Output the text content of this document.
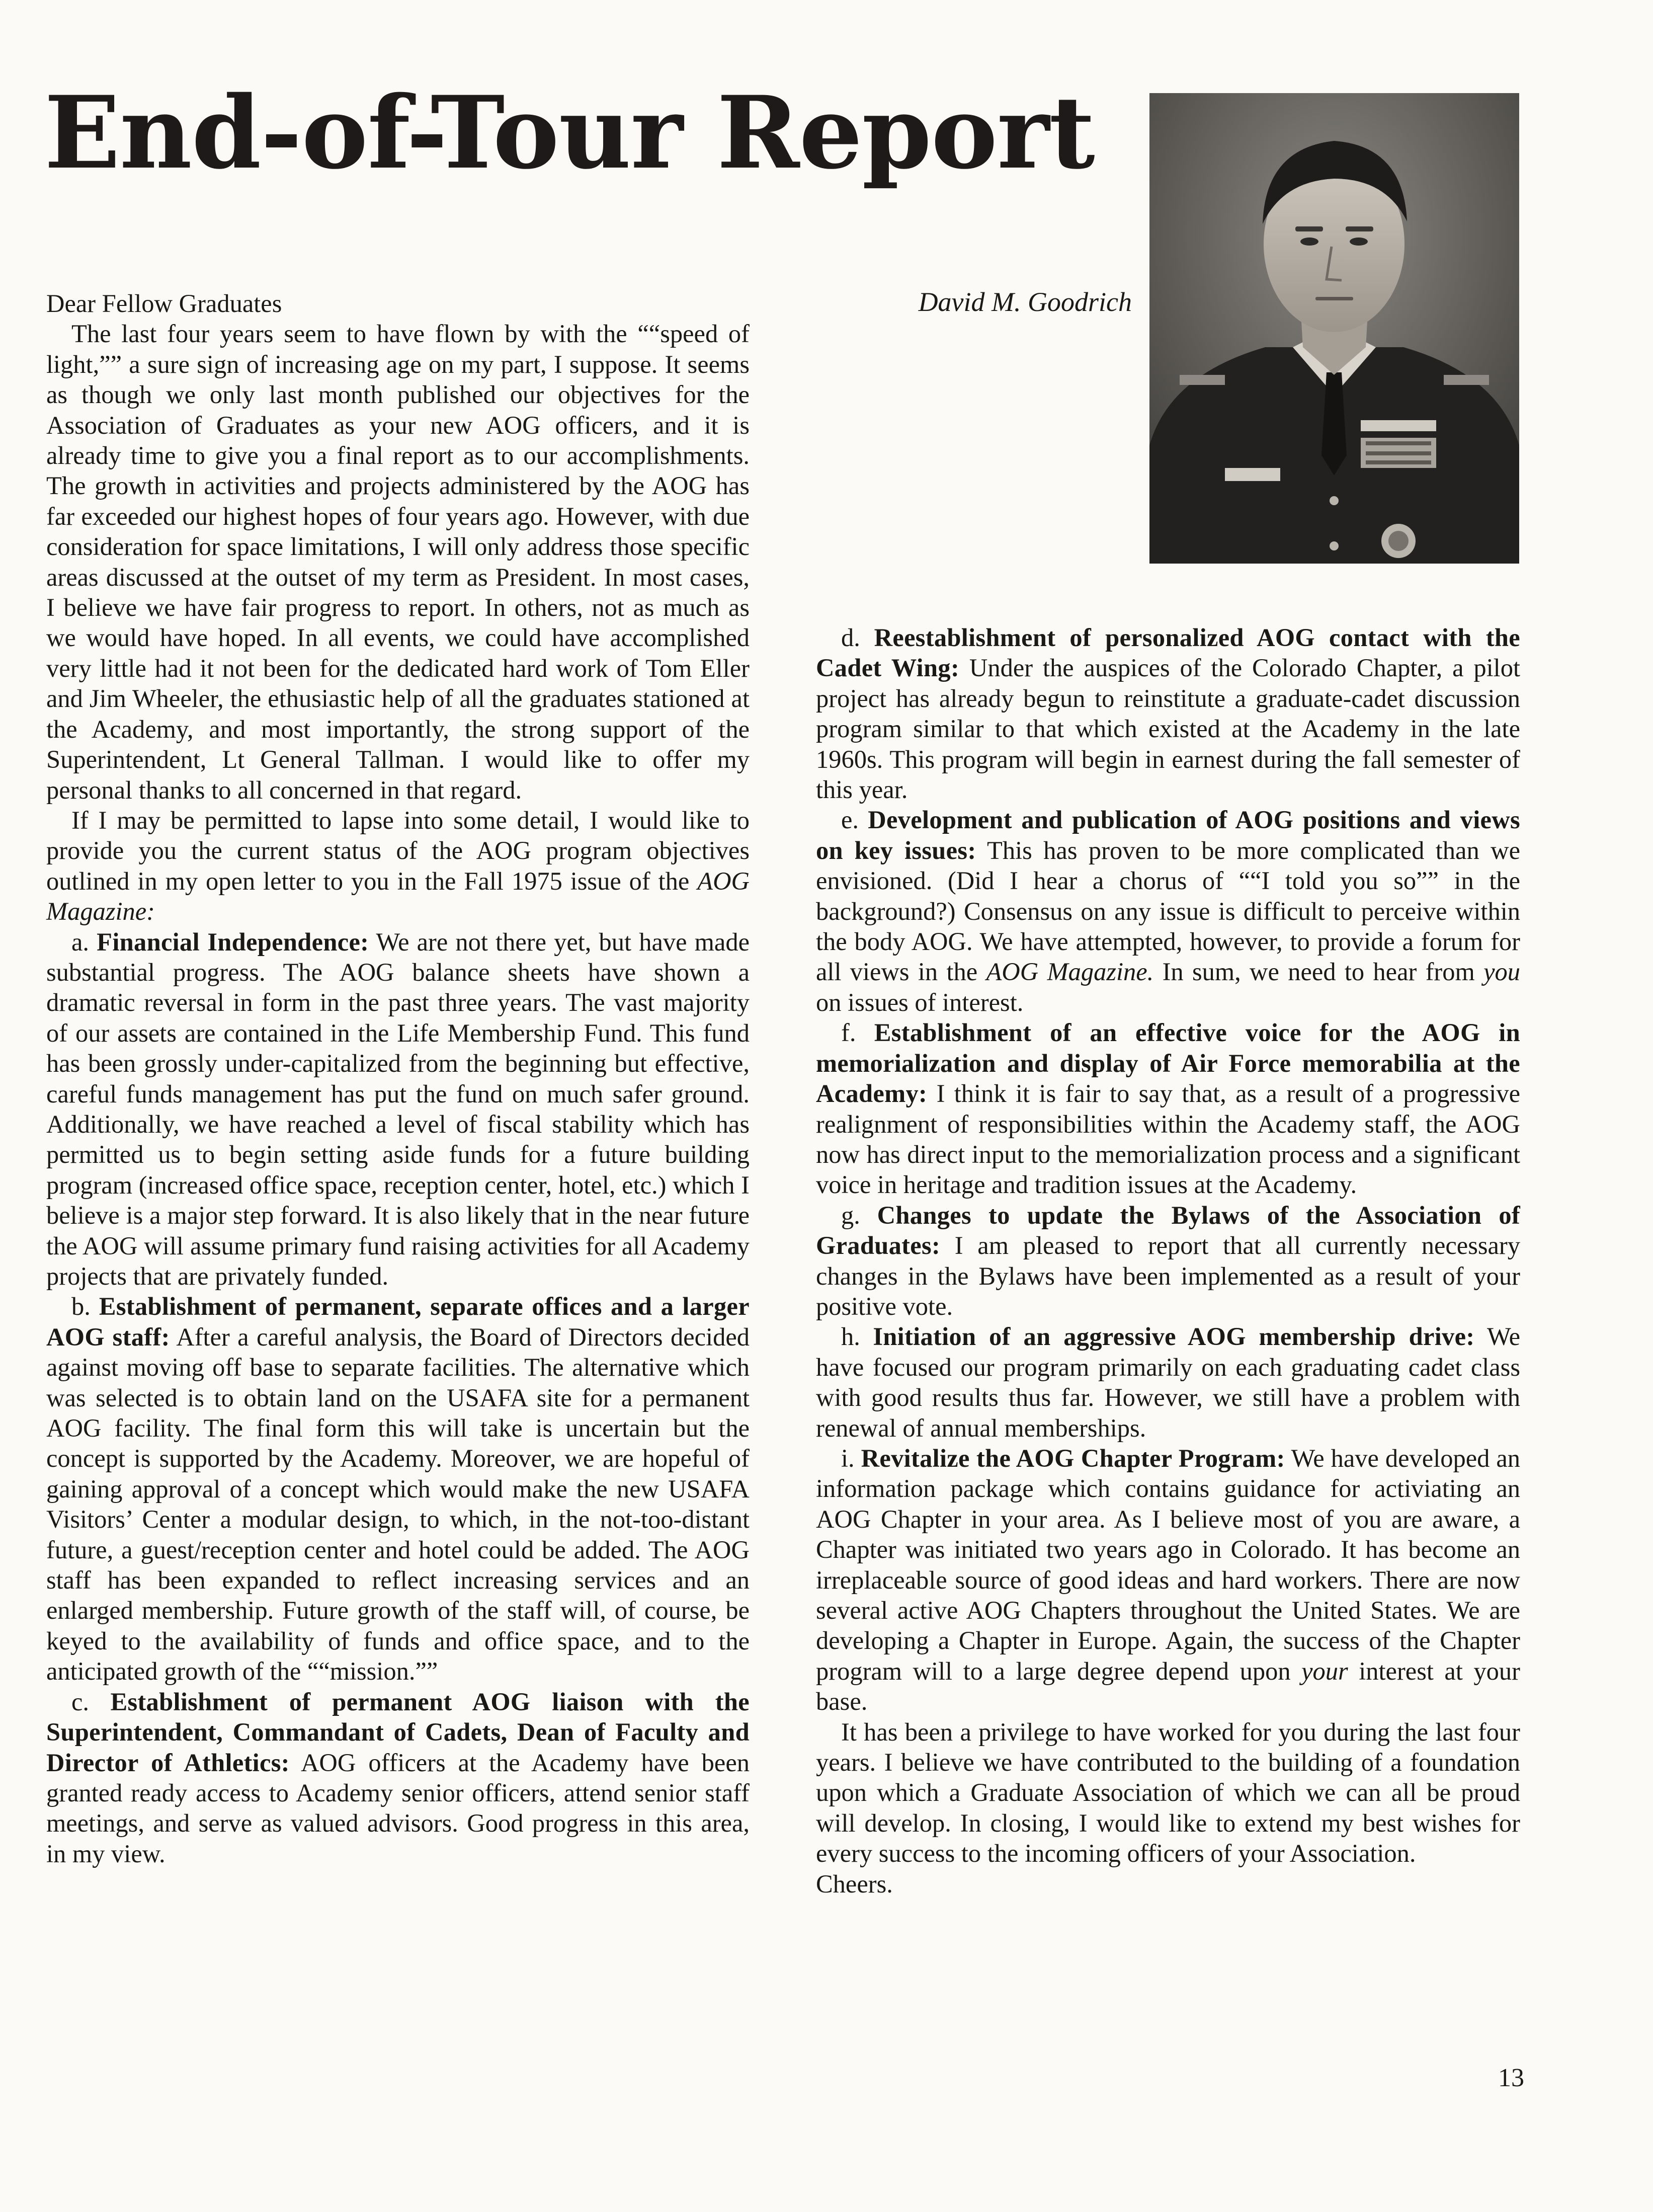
End-of-Tour Report

David M. Goodrich

Dear Fellow Graduates

The last four years seem to have flown by with the ““speed of light,”” a sure sign of increasing age on my part, I suppose. It seems as though we only last month published our objectives for the Association of Graduates as your new AOG officers, and it is already time to give you a final report as to our accomplishments. The growth in activities and projects administered by the AOG has far exceeded our highest hopes of four years ago. However, with due consideration for space limitations, I will only address those specific areas discussed at the outset of my term as President. In most cases, I believe we have fair progress to report. In others, not as much as we would have hoped. In all events, we could have accomplished very little had it not been for the dedicated hard work of Tom Eller and Jim Wheeler, the ethusiastic help of all the graduates stationed at the Academy, and most importantly, the strong support of the Superintendent, Lt General Tallman. I would like to offer my personal thanks to all concerned in that regard.

If I may be permitted to lapse into some detail, I would like to provide you the current status of the AOG program objectives outlined in my open letter to you in the Fall 1975 issue of the AOG Magazine:

a. Financial Independence: We are not there yet, but have made substantial progress. The AOG balance sheets have shown a dramatic reversal in form in the past three years. The vast majority of our assets are contained in the Life Membership Fund. This fund has been grossly under-capitalized from the beginning but effective, careful funds management has put the fund on much safer ground. Additionally, we have reached a level of fiscal stability which has permitted us to begin setting aside funds for a future building program (increased office space, reception center, hotel, etc.) which I believe is a major step forward. It is also likely that in the near future the AOG will assume primary fund raising activities for all Academy projects that are privately funded.

b. Establishment of permanent, separate offices and a larger AOG staff: After a careful analysis, the Board of Directors decided against moving off base to separate facilities. The alternative which was selected is to obtain land on the USAFA site for a permanent AOG facility. The final form this will take is uncertain but the concept is supported by the Academy. Moreover, we are hopeful of gaining approval of a concept which would make the new USAFA Visitors’ Center a modular design, to which, in the not-too-distant future, a guest/reception center and hotel could be added. The AOG staff has been expanded to reflect increasing services and an enlarged membership. Future growth of the staff will, of course, be keyed to the availability of funds and office space, and to the anticipated growth of the ““mission.””

c. Establishment of permanent AOG liaison with the Superintendent, Commandant of Cadets, Dean of Faculty and Director of Athletics: AOG officers at the Academy have been granted ready access to Academy senior officers, attend senior staff meetings, and serve as valued advisors. Good progress in this area, in my view.

d. Reestablishment of personalized AOG contact with the Cadet Wing: Under the auspices of the Colorado Chapter, a pilot project has already begun to reinstitute a graduate-cadet discussion program similar to that which existed at the Academy in the late 1960s. This program will begin in earnest during the fall semester of this year.

e. Development and publication of AOG positions and views on key issues: This has proven to be more complicated than we envisioned. (Did I hear a chorus of ““I told you so”” in the background?) Consensus on any issue is difficult to perceive within the body AOG. We have attempted, however, to provide a forum for all views in the AOG Magazine. In sum, we need to hear from you on issues of interest.

f. Establishment of an effective voice for the AOG in memorialization and display of Air Force memorabilia at the Academy: I think it is fair to say that, as a result of a progressive realignment of responsibilities within the Academy staff, the AOG now has direct input to the memorialization process and a significant voice in heritage and tradition issues at the Academy.

g. Changes to update the Bylaws of the Association of Graduates: I am pleased to report that all currently necessary changes in the Bylaws have been implemented as a result of your positive vote.

h. Initiation of an aggressive AOG membership drive: We have focused our program primarily on each graduating cadet class with good results thus far. However, we still have a problem with renewal of annual memberships.

i. Revitalize the AOG Chapter Program: We have developed an information package which contains guidance for activiating an AOG Chapter in your area. As I believe most of you are aware, a Chapter was initiated two years ago in Colorado. It has become an irreplaceable source of good ideas and hard workers. There are now several active AOG Chapters throughout the United States. We are developing a Chapter in Europe. Again, the success of the Chapter program will to a large degree depend upon your interest at your base.

It has been a privilege to have worked for you during the last four years. I believe we have contributed to the building of a foundation upon which a Graduate Association of which we can all be proud will develop. In closing, I would like to extend my best wishes for every success to the incoming officers of your Association.

Cheers.

13
